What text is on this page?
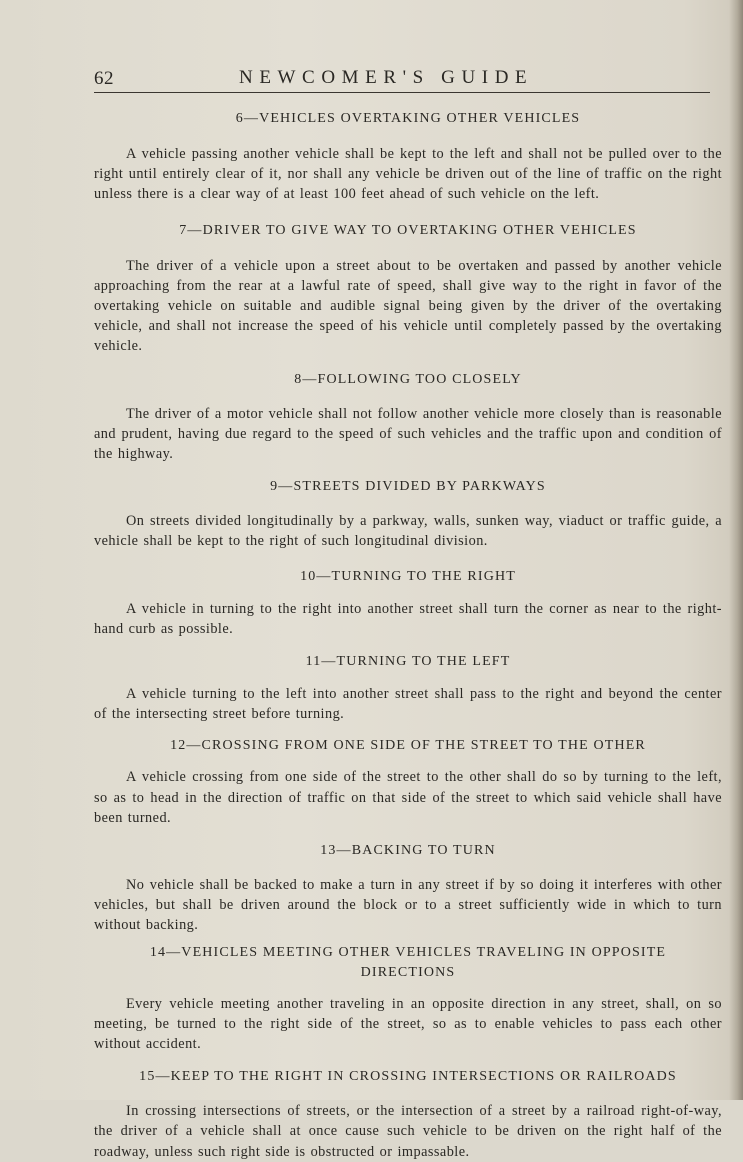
62	NEWCOMER'S GUIDE
6—VEHICLES OVERTAKING OTHER VEHICLES

A vehicle passing another vehicle shall be kept to the left and shall not be pulled over to the right until entirely clear of it, nor shall any vehicle be driven out of the line of traffic on the right unless there is a clear way of at least 100 feet ahead of such vehicle on the left.

7—DRIVER TO GIVE WAY TO OVERTAKING OTHER VEHICLES

The driver of a vehicle upon a street about to be overtaken and passed by another vehicle approaching from the rear at a lawful rate of speed, shall give way to the right in favor of the overtaking vehicle on suitable and audible signal being given by the driver of the overtaking vehicle, and shall not increase the speed of his vehicle until completely passed by the overtaking vehicle.

8—FOLLOWING TOO CLOSELY

The driver of a motor vehicle shall not follow another vehicle more closely than is reasonable and prudent, having due regard to the speed of such vehicles and the traffic upon and condition of the highway.

9—STREETS DIVIDED BY PARKWAYS

On streets divided longitudinally by a parkway, walls, sunken way, viaduct or traffic guide, a vehicle shall be kept to the right of such longitudinal division.

10—TURNING TO THE RIGHT

A vehicle in turning to the right into another street shall turn the corner as near to the right-hand curb as possible.

11—TURNING TO THE LEFT

A vehicle turning to the left into another street shall pass to the right and beyond the center of the intersecting street before turning.

12—CROSSING FROM ONE SIDE OF THE STREET TO THE OTHER

A vehicle crossing from one side of the street to the other shall do so by turning to the left, so as to head in the direction of traffic on that side of the street to which said vehicle shall have been turned.

13—BACKING TO TURN

No vehicle shall be backed to make a turn in any street if by so doing it interferes with other vehicles, but shall be driven around the block or to a street sufficiently wide in which to turn without backing.

14—VEHICLES MEETING OTHER VEHICLES TRAVELING IN OPPOSITE DIRECTIONS

Every vehicle meeting another traveling in an opposite direction in any street, shall, on so meeting, be turned to the right side of the street, so as to enable vehicles to pass each other without accident.

15—KEEP TO THE RIGHT IN CROSSING INTERSECTIONS OR RAILROADS

In crossing intersections of streets, or the intersection of a street by a railroad right-of-way, the driver of a vehicle shall at once cause such vehicle to be driven on the right half of the roadway, unless such right side is obstructed or impassable.
